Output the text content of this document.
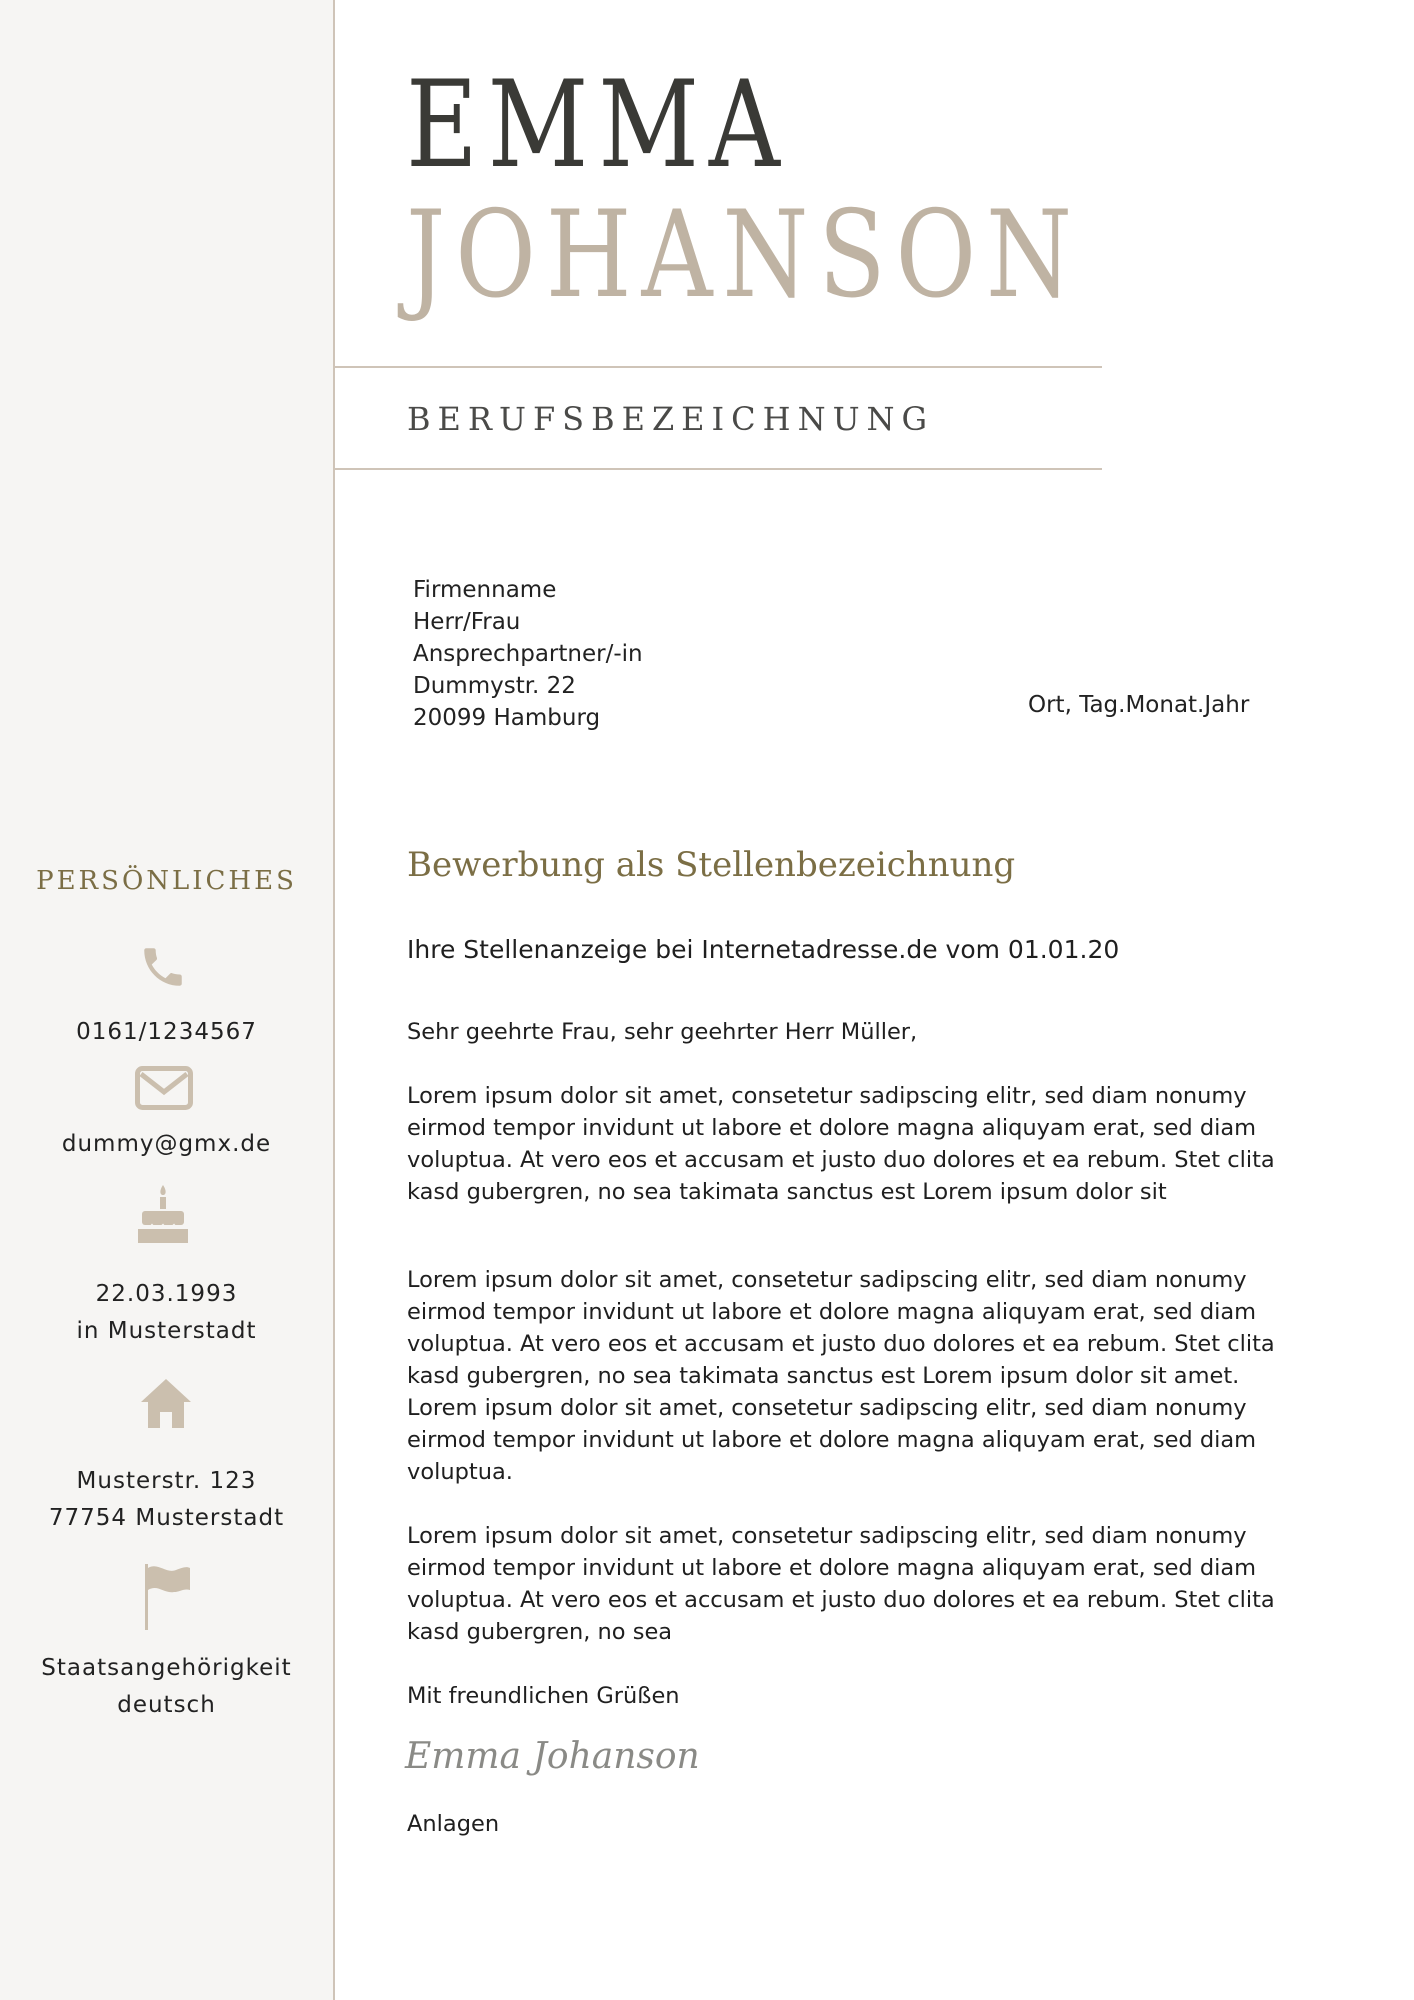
EMMA
JOHANSON
BERUFSBEZEICHNUNG
Firmenname
Herr/Frau
Ansprechpartner/-in
Dummystr. 22
20099 Hamburg	Ort, Tag.Monat.Jahr
Bewerbung als Stellenbezeichnung
Ihre Stellenanzeige bei Internetadresse.de vom 01.01.20
Sehr geehrte Frau, sehr geehrter Herr Müller,
Lorem ipsum dolor sit amet, consetetur sadipscing elitr, sed diam nonumy eirmod tempor invidunt ut labore et dolore magna aliquyam erat, sed diam voluptua. At vero eos et accusam et justo duo dolores et ea rebum. Stet clita kasd gubergren, no sea takimata sanctus est Lorem ipsum dolor sit
Lorem ipsum dolor sit amet, consetetur sadipscing elitr, sed diam nonumy eirmod tempor invidunt ut labore et dolore magna aliquyam erat, sed diam voluptua. At vero eos et accusam et justo duo dolores et ea rebum. Stet clita kasd gubergren, no sea takimata sanctus est Lorem ipsum dolor sit amet. Lorem ipsum dolor sit amet, consetetur sadipscing elitr, sed diam nonumy eirmod tempor invidunt ut labore et dolore magna aliquyam erat, sed diam voluptua.
Lorem ipsum dolor sit amet, consetetur sadipscing elitr, sed diam nonumy eirmod tempor invidunt ut labore et dolore magna aliquyam erat, sed diam voluptua. At vero eos et accusam et justo duo dolores et ea rebum. Stet clita kasd gubergren, no sea
Mit freundlichen Grüßen
Emma Johanson
Anlagen
PERSÖNLICHES
0161/1234567
dummy@gmx.de
22.03.1993
in Musterstadt
Musterstr. 123
77754 Musterstadt
Staatsangehörigkeit
deutsch
